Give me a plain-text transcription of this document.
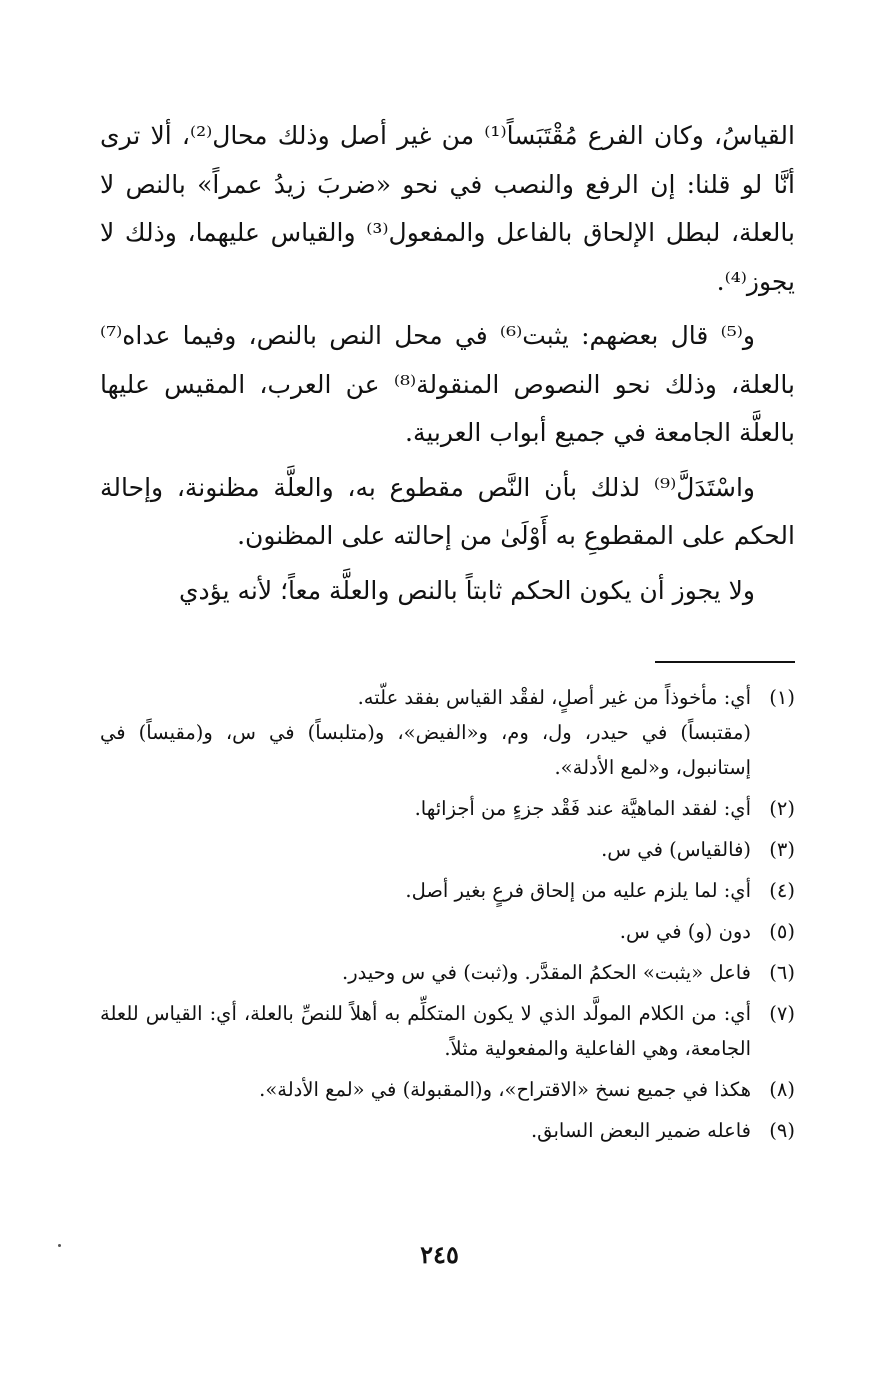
القياسُ، وكان الفرع مُقْتَبَساً⁽¹⁾ من غير أصل وذلك محال⁽²⁾، ألا ترى أنَّا لو قلنا: إن الرفع والنصب في نحو «ضربَ زيدُ عمراً» بالنص لا بالعلة، لبطل الإلحاق بالفاعل والمفعول⁽³⁾ والقياس عليهما، وذلك لا يجوز⁽⁴⁾.

و⁽⁵⁾ قال بعضهم: يثبت⁽⁶⁾ في محل النص بالنص، وفيما عداه⁽⁷⁾ بالعلة، وذلك نحو النصوص المنقولة⁽⁸⁾ عن العرب، المقيس عليها بالعلَّة الجامعة في جميع أبواب العربية.

واسْتَدَلَّ⁽⁹⁾ لذلك بأن النَّص مقطوع به، والعلَّة مظنونة، وإحالة الحكم على المقطوعِ به أَوْلَىٰ من إحالته على المظنون.

ولا يجوز أن يكون الحكم ثابتاً بالنص والعلَّة معاً؛ لأنه يؤدي

(١)
أي: مأخوذاً من غير أصلٍ، لفقْد القياس بفقد علّته.
(مقتبساً) في حيدر، ول، وم، و«الفيض»، و(متلبساً) في س، و(مقيساً) في إستانبول، و«لمع الأدلة».
(٢)
أي: لفقد الماهيَّة عند فَقْد جزءٍ من أجزائها.
(٣)
(فالقياس) في س.
(٤)
أي: لما يلزم عليه من إلحاق فرعٍ بغير أصل.
(٥)
دون (و) في س.
(٦)
فاعل «يثبت» الحكمُ المقدَّر. و(ثبت) في س وحيدر.
(٧)
أي: من الكلام المولَّد الذي لا يكون المتكلِّم به أهلاً للنصِّ بالعلة، أي: القياس للعلة الجامعة، وهي الفاعلية والمفعولية مثلاً.
(٨)
هكذا في جميع نسخ «الاقتراح»، و(المقبولة) في «لمع الأدلة».
(٩)
فاعله ضمير البعض السابق.
٢٤٥
